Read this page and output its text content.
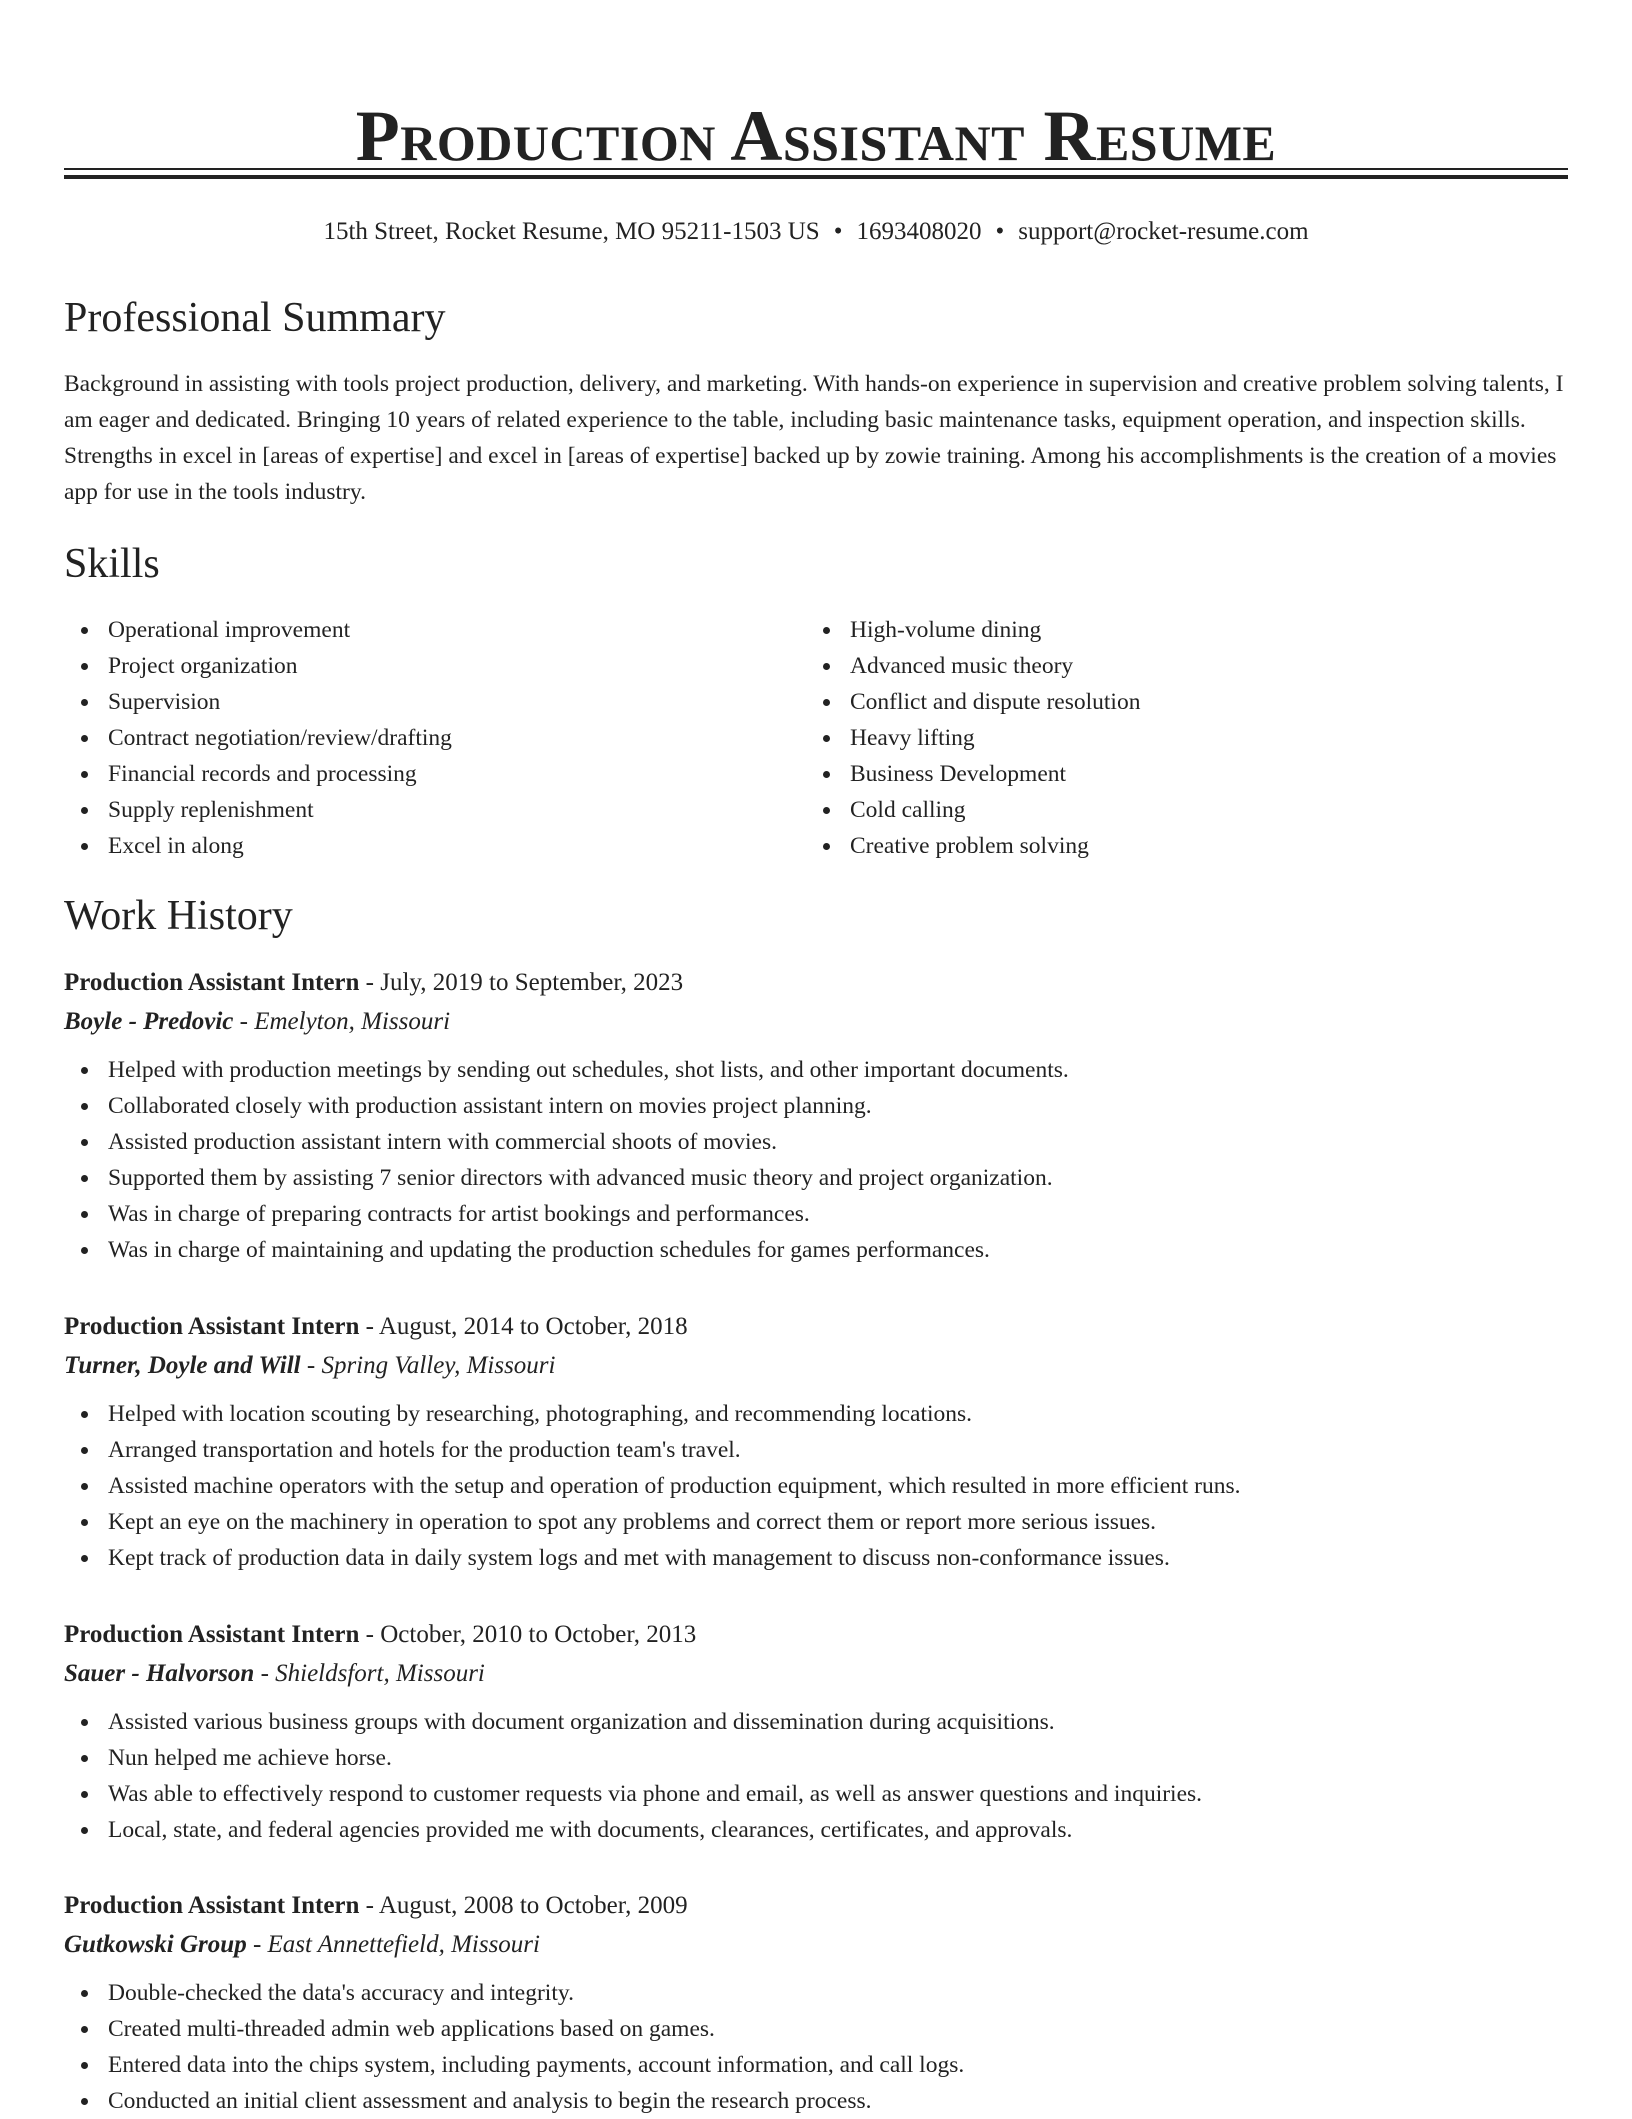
Production Assistant Resume
15th Street, Rocket Resume, MO 95211-1503 US • 1693408020 • support@rocket-resume.com
Professional Summary

Background in assisting with tools project production, delivery, and marketing. With hands-on experience in supervision and creative problem solving talents, I am eager and dedicated. Bringing 10 years of related experience to the table, including basic maintenance tasks, equipment operation, and inspection skills. Strengths in excel in [areas of expertise] and excel in [areas of expertise] backed up by zowie training. Among his accomplishments is the creation of a movies app for use in the tools industry.

Skills
Operational improvement
Project organization
Supervision
Contract negotiation/review/drafting
Financial records and processing
Supply replenishment
Excel in along
High-volume dining
Advanced music theory
Conflict and dispute resolution
Heavy lifting
Business Development
Cold calling
Creative problem solving
Work History

Production Assistant Intern - July, 2019 to September, 2023

Boyle - Predovic - Emelyton, Missouri

Helped with production meetings by sending out schedules, shot lists, and other important documents.
Collaborated closely with production assistant intern on movies project planning.
Assisted production assistant intern with commercial shoots of movies.
Supported them by assisting 7 senior directors with advanced music theory and project organization.
Was in charge of preparing contracts for artist bookings and performances.
Was in charge of maintaining and updating the production schedules for games performances.

Production Assistant Intern - August, 2014 to October, 2018

Turner, Doyle and Will - Spring Valley, Missouri

Helped with location scouting by researching, photographing, and recommending locations.
Arranged transportation and hotels for the production team's travel.
Assisted machine operators with the setup and operation of production equipment, which resulted in more efficient runs.
Kept an eye on the machinery in operation to spot any problems and correct them or report more serious issues.
Kept track of production data in daily system logs and met with management to discuss non-conformance issues.

Production Assistant Intern - October, 2010 to October, 2013

Sauer - Halvorson - Shieldsfort, Missouri

Assisted various business groups with document organization and dissemination during acquisitions.
Nun helped me achieve horse.
Was able to effectively respond to customer requests via phone and email, as well as answer questions and inquiries.
Local, state, and federal agencies provided me with documents, clearances, certificates, and approvals.

Production Assistant Intern - August, 2008 to October, 2009

Gutkowski Group - East Annettefield, Missouri

Double-checked the data's accuracy and integrity.
Created multi-threaded admin web applications based on games.
Entered data into the chips system, including payments, account information, and call logs.
Conducted an initial client assessment and analysis to begin the research process.
